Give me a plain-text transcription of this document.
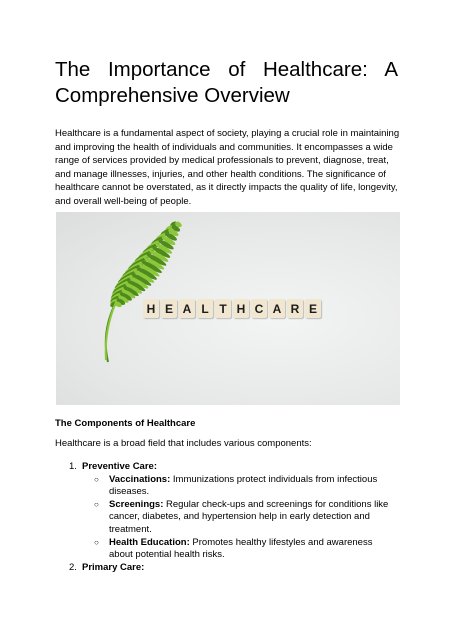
The Importance of Healthcare: A Comprehensive Overview

Healthcare is a fundamental aspect of society, playing a crucial role in maintaining and improving the health of individuals and communities. It encompasses a wide range of services provided by medical professionals to prevent, diagnose, treat, and manage illnesses, injuries, and other health conditions. The significance of healthcare cannot be overstated, as it directly impacts the quality of life, longevity, and overall well-being of people.

H E A L T H C A R E
The Components of Healthcare

Healthcare is a broad field that includes various components:

1. Preventive Care:
○ Vaccinations: Immunizations protect individuals from infectious diseases.
○ Screenings: Regular check-ups and screenings for conditions like cancer, diabetes, and hypertension help in early detection and treatment.
○ Health Education: Promotes healthy lifestyles and awareness about potential health risks.
2. Primary Care:
